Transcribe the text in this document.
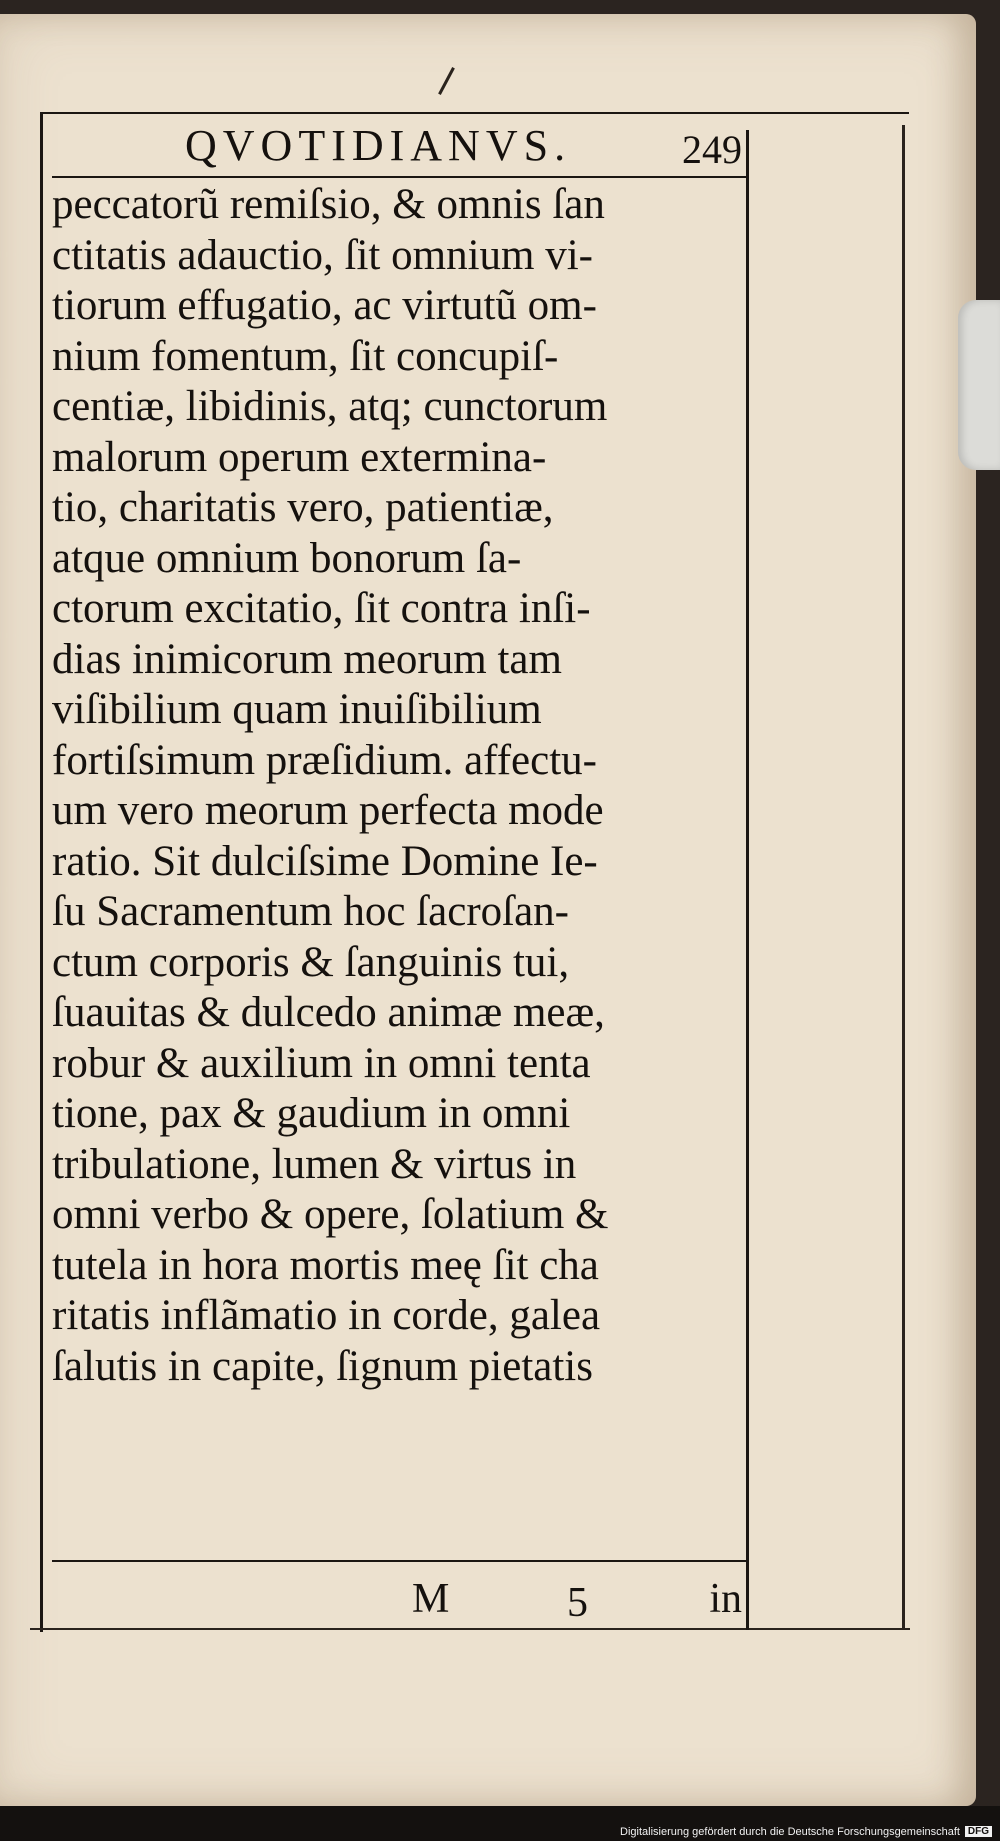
QVOTIDIANVS.	249
peccatorũ remiſsio, & omnis ſan
ctitatis adauctio, ſit omnium vi-
tiorum effugatio, ac virtutũ om-
nium fomentum, ſit concupiſ-
centiæ, libidinis, atq; cunctorum
malorum operum extermina-
tio, charitatis vero, patientiæ,
atque omnium bonorum ſa-
ctorum excitatio, ſit contra inſi-
dias inimicorum meorum tam
viſibilium quam inuiſibilium
fortiſsimum præſidium. affectu-
um vero meorum perfecta mode
ratio. Sit dulciſsime Domine Ie-
ſu Sacramentum hoc ſacroſan-
ctum corporis & ſanguinis tui,
ſuauitas & dulcedo animæ meæ,
robur & auxilium in omni tenta
tione, pax & gaudium in omni
tribulatione, lumen & virtus in
omni verbo & opere, ſolatium &
tutela in hora mortis meę ſit cha
ritatis inflãmatio in corde, galea
ſalutis in capite, ſignum pietatis
M	5	in
Digitalisierung gefördert durch die Deutsche Forschungsgemeinschaft DFG
